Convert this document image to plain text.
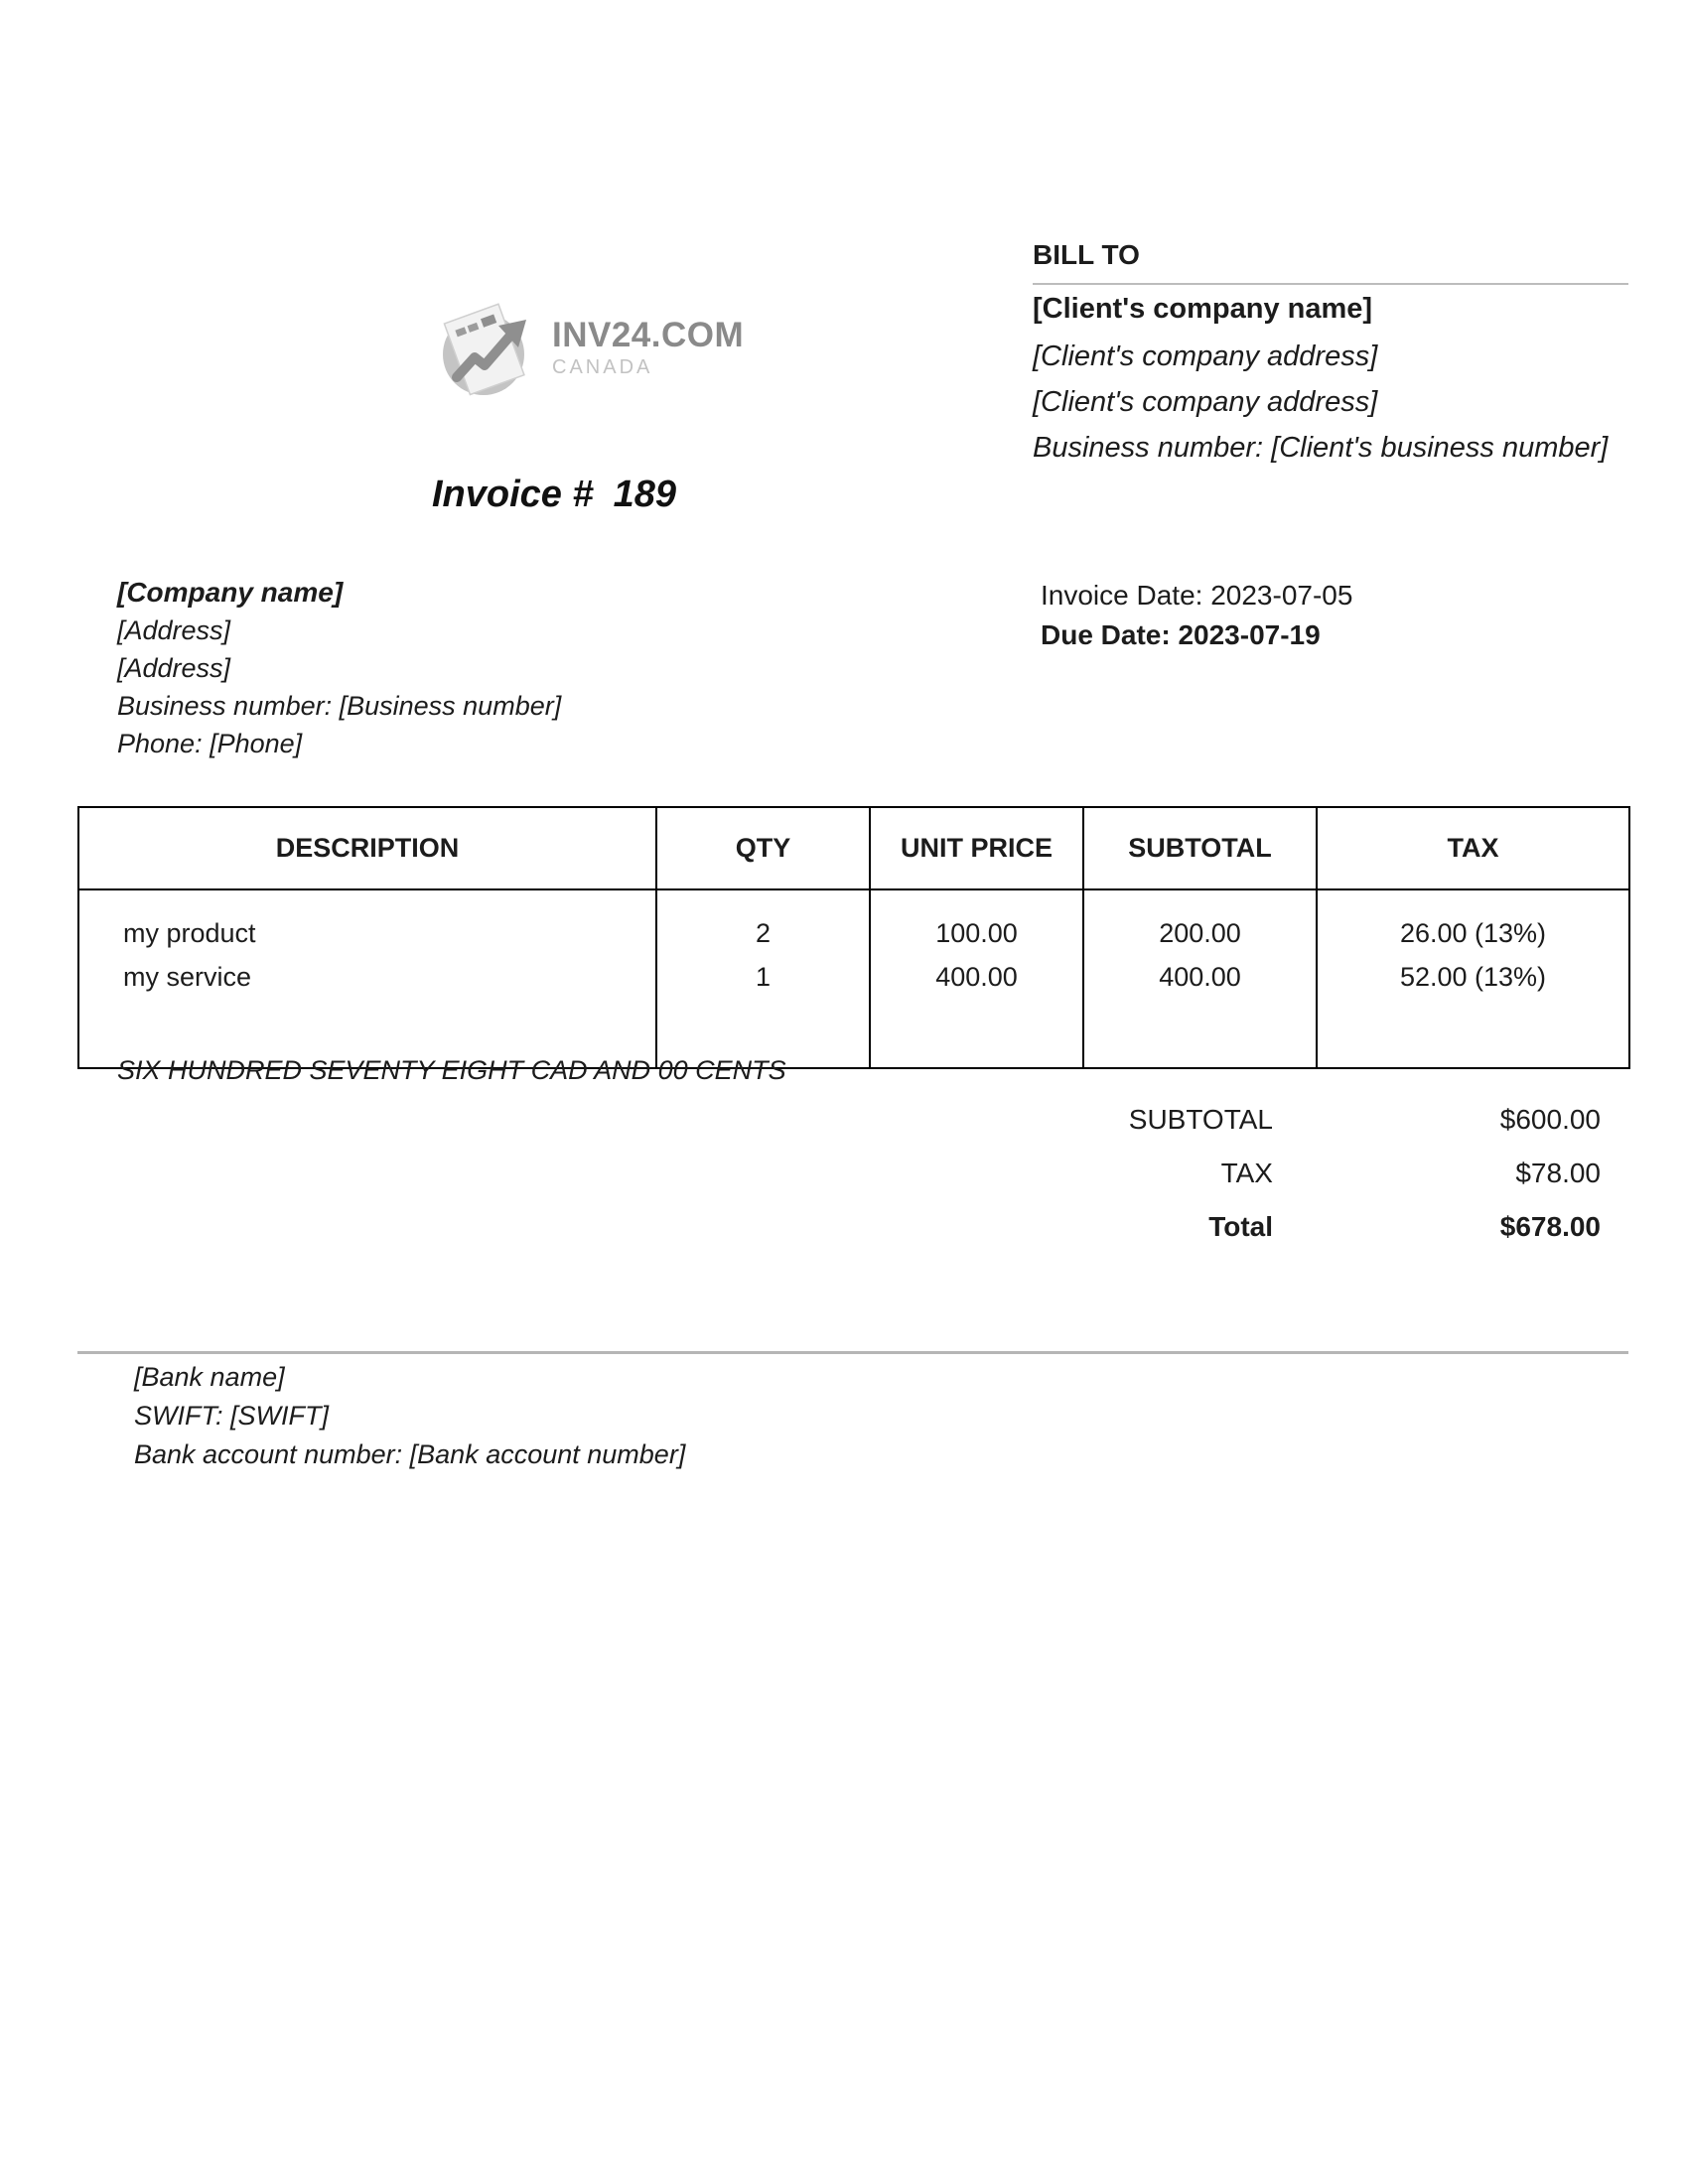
INV24.COM
CANADA
BILL TO
[Client's company name]
[Client's company address]
[Client's company address]
Business number: [Client's business number]
Invoice # 189
[Company name]
[Address]
[Address]
Business number: [Business number]
Phone: [Phone]
Invoice Date: 2023-07-05
Due Date: 2023-07-19
DESCRIPTION	QTY	UNIT PRICE	SUBTOTAL	TAX
my product	2	100.00	200.00	26.00 (13%)
my service	1	400.00	400.00	52.00 (13%)

SIX HUNDRED SEVENTY EIGHT CAD AND 00 CENTS
SUBTOTAL	$600.00
TAX	$78.00
Total	$678.00
[Bank name]
SWIFT: [SWIFT]
Bank account number: [Bank account number]
